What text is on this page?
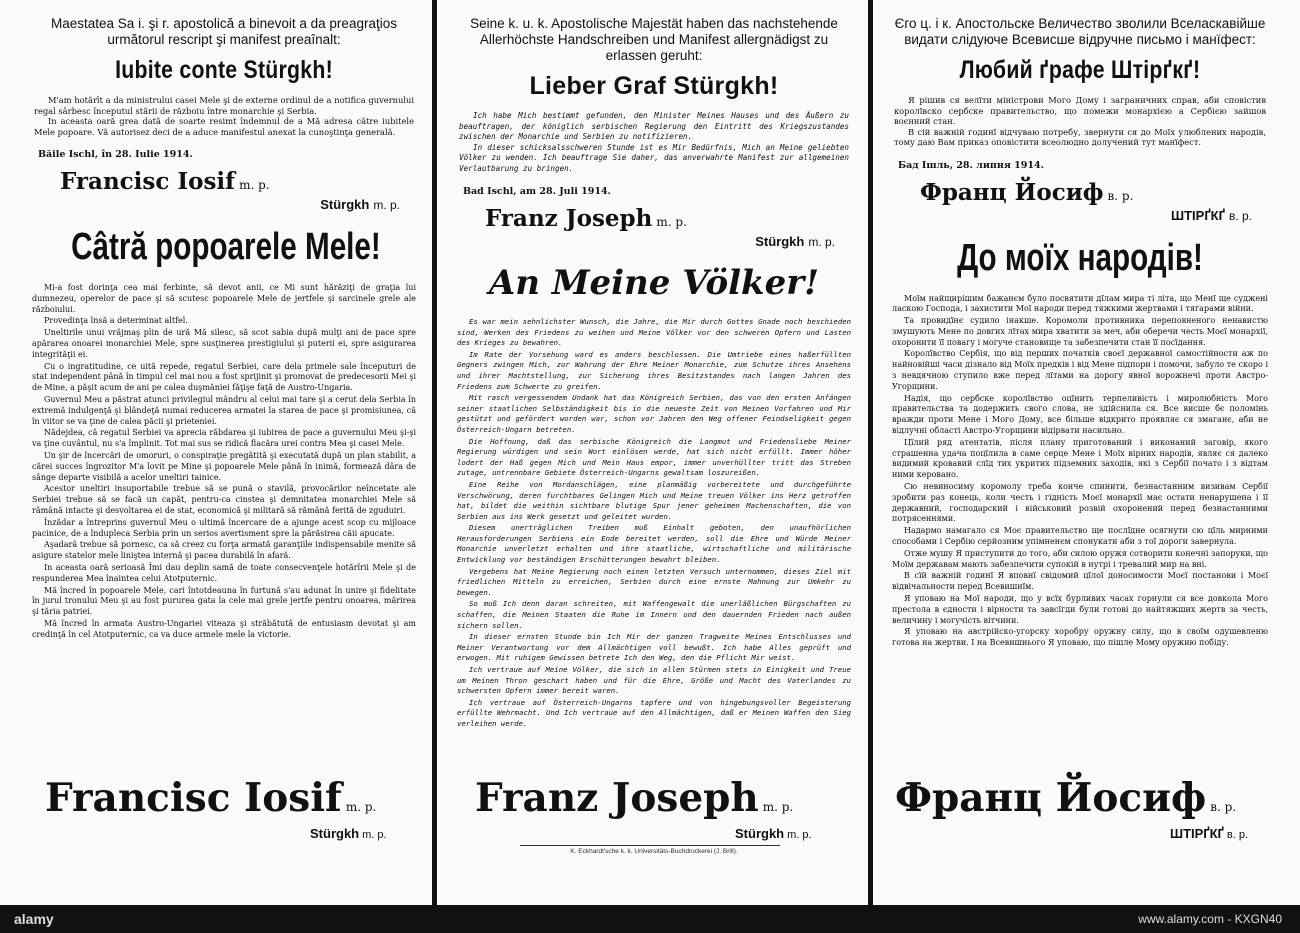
Maestatea Sa i. şi r. apostolică a binevoit a da preagraţios următorul rescript şi manifest preaînalt:
Iubite conte Stürgkh!
M'am hotărît a da ministrului casei Mele şi de externe ordinul de a notifica guvernului regal sârbesc începutul stării de războiu între monarchie şi Serbia.
In aceasta oară grea dată de soarte resimt îndemnul de a Mă adresa către iubitele Mele popoare. Vă autorisez deci de a aduce manifestul anexat la cunoştinţa generală.
Băile Ischl, în 28. Iulie 1914.
Francisc Iosif m. p.
Stürgkh m. p.
Câtră popoarele Mele!

Mi-a fost dorinţa cea mai ferbinte, să devot anii, ce Mi sunt hărăziţi de graţia lui dumnezeu, operelor de pace şi să scutesc popoarele Mele de jertfele şi sarcinele grele ale războiului.

Provedinţa însă a determinat altfel.

Uneltirile unui vrăjmaş plin de ură Mă silesc, să scot sabia după mulţi ani de pace spre apărarea onoarei monarchiei Mele, spre susţinerea prestigiului şi puterii ei, spre asigurarea integrităţii ei.

Cu o ingratitudine, ce uită repede, regatul Serbiei, care dela primele sale începuturi de stat independent până în timpul cel mai nou a fost sprijinit şi promovat de predecesorii Mei şi de Mine, a păşit acum de ani pe calea duşmăniei făţişe faţă de Austro-Ungaria.

Guvernul Meu a păstrat atunci privilegiul mândru al celui mai tare şi a cerut dela Serbia în extremă indulgenţă şi blândeţă numai reducerea armatei la starea de pace şi promisiunea, că în viitor se va ţine de calea păcii şi prieteniei.

Nădejdea, că regatul Serbiei va aprecia răbdarea şi iubirea de pace a guvernului Meu şi-şi va ţine cuvântul, nu s'a împlinit. Tot mai sus se ridică flacăra urei contra Mea şi casei Mele.

Un şir de încercări de omoruri, o conspiraţie pregătită şi executată după un plan stabilit, a cărei succes îngrozitor M'a lovit pe Mine şi popoarele Mele până în inimă, formează dâra de sânge departe visibilă a acelor uneltiri tainice.

Acestor uneltiri insuportabile trebue să se pună o stavilă, provocărilor neîncetate ale Serbiei trebue să se facă un capăt, pentru-ca cinstea şi demnitatea monarchiei Mele să rămână intacte şi desvoltarea ei de stat, economică şi militară să rămână ferită de zguduiri.

Înzădar a întreprins guvernul Meu o ultimă încercare de a ajunge acest scop cu mijloace pacinice, de a îndupleca Serbia prin un serios avertisment spre la părăsirea căii apucate.

Aşadară trebue să pornesc, ca să creez cu forţa armată garanţiile indispensabile menite să asigure statelor mele liniştea internă şi pacea durabilă în afară.

In aceasta oară serioasă Îmi dau deplin samă de toate consecvenţele hotărîrii Mele şi de respunderea Mea înaintea celui Atotputernic.

Mă încred în popoarele Mele, cari întotdeauna în furtună s'au adunat în unire şi fidelitate în jurul tronului Meu şi au fost pururea gata la cele mai grele jertfe pentru onoarea, mărirea şi tăria patriei.

Mă încred în armata Austro-Ungariei viteaza şi străbătută de entusiasm devotat şi am credinţă în cel Atotputernic, ca va duce armele mele la victorie.

Seine k. u. k. Apostolische Majestät haben das nachstehende Allerhöchste Handschreiben und Manifest allergnädigst zu erlassen geruht:
Lieber Graf Stürgkh!
Ich habe Mich bestimmt gefunden, den Minister Meines Hauses und des Äußern zu beauftragen, der königlich serbischen Regierung den Eintritt des Kriegszustandes zwischen der Monarchie und Serbien zu notifizieren.
In dieser schicksalsschweren Stunde ist es Mir Bedürfnis, Mich an Meine geliebten Völker zu wenden. Ich beauftrage Sie daher, das anverwahrte Manifest zur allgemeinen Verlautbarung zu bringen.
Bad Ischl, am 28. Juli 1914.
Franz Joseph m. p.
Stürgkh m. p.
An Meine Völker!

Es war mein sehnlichster Wunsch, die Jahre, die Mir durch Gottes Gnade noch beschieden sind, Werken des Friedens zu weihen und Meine Völker vor den schweren Opfern und Lasten des Krieges zu bewahren.

Im Rate der Vorsehung ward es anders beschlossen. Die Umtriebe eines haßerfüllten Gegners zwingen Mich, zur Wahrung der Ehre Meiner Monarchie, zum Schutze ihres Ansehens und ihrer Machtstellung, zur Sicherung ihres Besitzstandes nach langen Jahren des Friedens zum Schwerte zu greifen.

Mit rasch vergessendem Undank hat das Königreich Serbien, das von den ersten Anfängen seiner staatlichen Selbständigkeit bis in die neueste Zeit von Meinen Vorfahren und Mir gestützt und gefördert worden war, schon vor Jahren den Weg offener Feindseligkeit gegen Österreich-Ungarn betreten.

Die Hoffnung, daß das serbische Königreich die Langmut und Friedensliebe Meiner Regierung würdigen und sein Wort einlösen werde, hat sich nicht erfüllt. Immer höher lodert der Haß gegen Mich und Mein Haus empor, immer unverhüllter tritt das Streben zutage, untrennbare Gebiete Österreich-Ungarns gewaltsam loszureißen.

Eine Reihe von Mordanschlägen, eine planmäßig vorbereitete und durchgeführte Verschwörung, deren furchtbares Gelingen Mich und Meine treuen Völker ins Herz getroffen hat, bildet die weithin sichtbare blutige Spur jener geheimen Machenschaften, die von Serbien aus ins Werk gesetzt und geleitet wurden.

Diesem unerträglichen Treiben muß Einhalt geboten, den unaufhörlichen Herausforderungen Serbiens ein Ende bereitet werden, soll die Ehre und Würde Meiner Monarchie unverletzt erhalten und ihre staatliche, wirtschaftliche und militärische Entwicklung vor beständigen Erschütterungen bewahrt bleiben.

Vergebens hat Meine Regierung noch einen letzten Versuch unternommen, dieses Ziel mit friedlichen Mitteln zu erreichen, Serbien durch eine ernste Mahnung zur Umkehr zu bewegen.

So muß Ich denn daran schreiten, mit Waffengewalt die unerläßlichen Bürgschaften zu schaffen, die Meinen Staaten die Ruhe im Innern und den dauernden Frieden nach außen sichern sollen.

In dieser ernsten Stunde bin Ich Mir der ganzen Tragweite Meines Entschlusses und Meiner Verantwortung vor dem Allmächtigen voll bewußt. Ich habe Alles geprüft und erwogen. Mit ruhigem Gewissen betrete Ich den Weg, den die Pflicht Mir weist.

Ich vertraue auf Meine Völker, die sich in allen Stürmen stets in Einigkeit und Treue um Meinen Thron geschart haben und für die Ehre, Größe und Macht des Vaterlandes zu schwersten Opfern immer bereit waren.

Ich vertraue auf Österreich-Ungarns tapfere und von hingebungsvoller Begeisterung erfüllte Wehrmacht. Und Ich vertraue auf den Allmächtigen, daß er Meinen Waffen den Sieg verleihen werde.

Єго ц. і к. Апостольске Величество зволили Вселаскавійше видати слідуюче Всевисше відручне письмо і манїфест:
Любий ґрафе Штірґкґ!
Я рішив ся велїти міністрови Мого Дому і заграничних справ, аби сповістив королївско сербске правительство, що помежи монархією а Сербією зайшов воєнний стан.
В сій важній годинї відчуваю потребу, звернути ся до Моїх улюблених народів, тому даю Вам приказ оповістити всеолюдно долучений тут манїфест.
Бад Ішль, 28. липня 1914.
Франц Йосиф в. р.
ШТІРҐКҐ в. р.
До моїх народів!

Моїм найщирішим бажанєм було посвятити дїлам мира ті літа, що Менї ще суджені ласкою Господа, і захистити Мої народи перед тяжкими жертвами і тягарами війни.

Та провидїнє судило інакше. Коромоли противника переповненого ненавистю змушують Мене по довгих лїтах мира хватити за меч, аби оберечи честь Моєї монархії, охоронити її повагу і могуче становище та забезпечити стан її посїдання.

Королївство Сербія, що від перших початків своєї державної самостійности аж по найновійші часи дізнало від Моїх предків і від Мене підпори і помочи, забуло те скоро і з невдячною ступило вже перед лїтами на дорогу явної ворожнечі проти Австро-Угорщини.

Надія, що сербске королївство оцїнить терпеливість і миролюбність Мого правительства та додержить свого слова, не здійснила ся. Все висше бє поломінь вражди проти Мене і Мого Дому, все більше відкрито проявляє ся змаганє, аби не відлучні області Австро-Угорщини відірвати насильно.

Цїлий ряд атентатів, після плану приготований і виконаний заговір, якого страшенна удача поцїлила в саме серце Мене і Моїх вірних народів, являє ся далеко видимий кровавий слїд тих укритих підземних заходів, які з Сербії почато і з відтам ними керовано.

Сю невиносиму коромолу треба конче спинити, безнастанним визивам Сербії зробити раз конець, коли честь і гідність Моєї монархії має остати ненарушена і її державний, господарский і військовий розвій охоронений перед безнастанними потрясеннями.

Надармо намагало ся Моє правительство ще послїдне осягнути сю цїль мирними способами і Сербію серйозним упімненєм спонукати аби з тої дороги завернула.

Отже мушу Я приступити до того, аби силою оружя сотворити конечні запоруки, що Моїм державам мають забезпечити супокій в нутрі і тревалий мир на вні.

В сїй важній годинї Я вповнї свідомий цїлої доносимости Моєї постанови і Моєї відвічальности перед Всевишнїм.

Я уповаю на Мої народи, що у всїх бурливих часах горнули ся все довкола Мого престола в єдности і вірности та завсїгди були готові до найтяжших жертв за честь, величину і могучість вітчини.

Я уповаю на австрійско-угорску хоробру оружну силу, що в своїм одушевленю готова на жертви. І на Всевишнього Я уповаю, що пішле Мому оружию побіду.

Francisc Iosif m. p.
Stürgkh m. p.
Franz Joseph m. p.
Stürgkh m. p.
Франц Йосиф в. р.
ШТІРҐКҐ в. р.
K. Eckhardt'sche k. k. Universitäts-Buchdruckerei (J. Brill).
alamy	www.alamy.com - KXGN40
